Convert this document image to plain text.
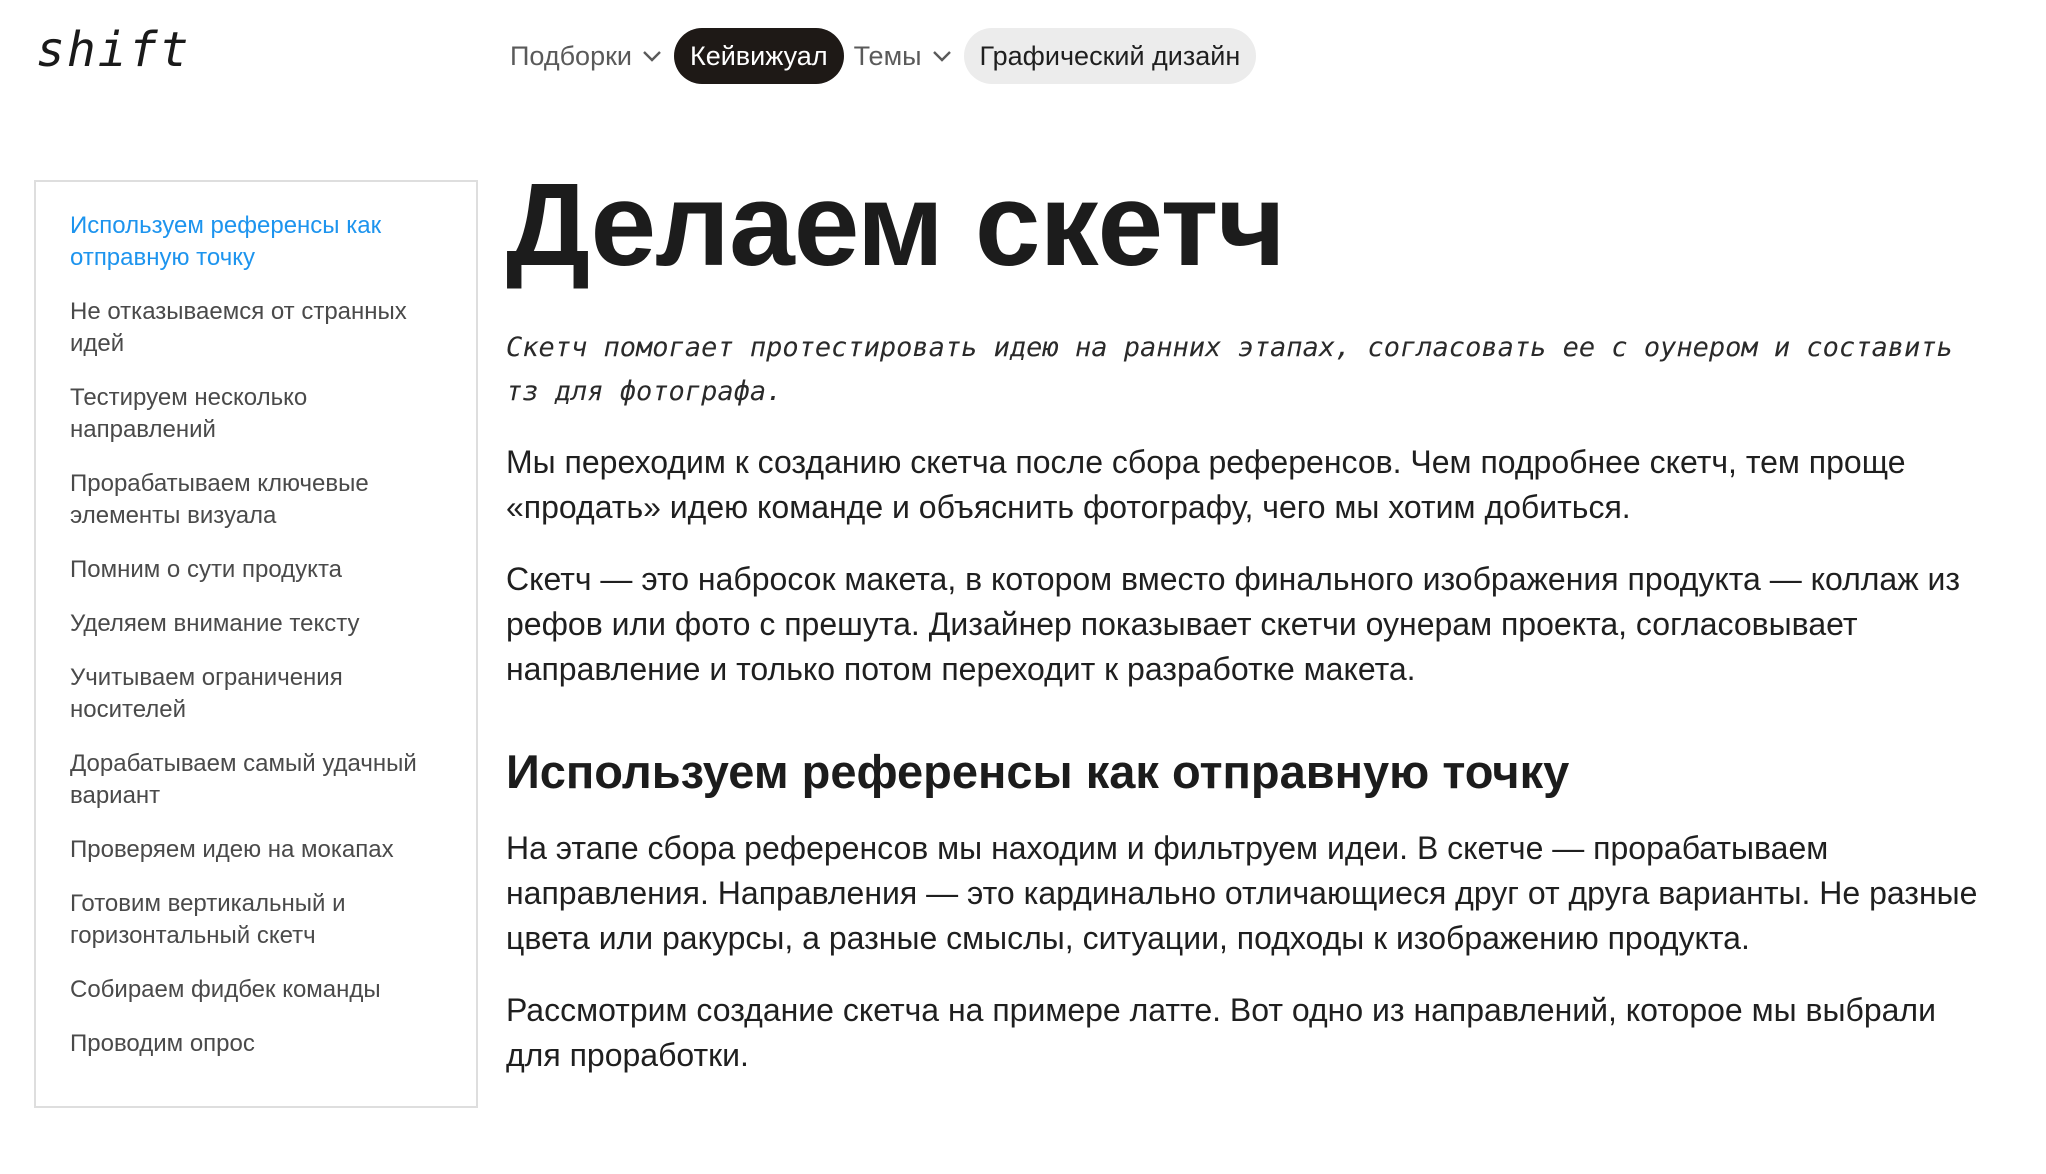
shift	Подборки Кейвижуал Темы Графический дизайн
Используем референсы как отправную точку
Не отказываемся от странных идей
Тестируем несколько направлений
Прорабатываем ключевые элементы визуала
Помним о сути продукта
Уделяем внимание тексту
Учитываем ограничения носителей
Дорабатываем самый удачный вариант
Проверяем идею на мокапах
Готовим вертикальный и горизонтальный скетч
Собираем фидбек команды
Проводим опрос
Делаем скетч

Скетч помогает протестировать идею на ранних этапах, согласовать ее с оунером и составить тз для фотографа.

Мы переходим к созданию скетча после сбора референсов. Чем подробнее скетч, тем проще «продать» идею команде и объяснить фотографу, чего мы хотим добиться.

Скетч — это набросок макета, в котором вместо финального изображения продукта — коллаж из рефов или фото с прешута. Дизайнер показывает скетчи оунерам проекта, согласовывает направление и только потом переходит к разработке макета.

Используем референсы как отправную точку

На этапе сбора референсов мы находим и фильтруем идеи. В скетче — прорабатываем направления. Направления — это кардинально отличающиеся друг от друга варианты. Не разные цвета или ракурсы, а разные смыслы, ситуации, подходы к изображению продукта.

Рассмотрим создание скетча на примере латте. Вот одно из направлений, которое мы выбрали для проработки.
